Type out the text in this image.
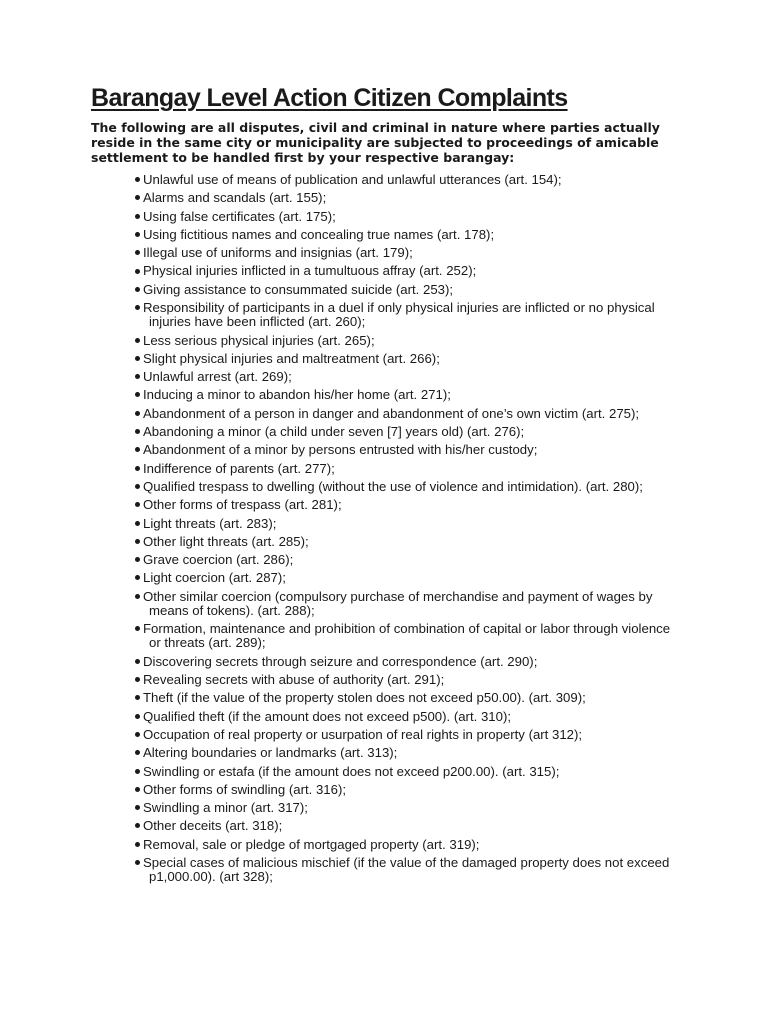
Barangay Level Action Citizen Complaints

The following are all disputes, civil and criminal in nature where parties actually reside in the same city or municipality are subjected to proceedings of amicable settlement to be handled first by your respective barangay:

Unlawful use of means of publication and unlawful utterances (art. 154);
Alarms and scandals (art. 155);
Using false certificates (art. 175);
Using fictitious names and concealing true names (art. 178);
Illegal use of uniforms and insignias (art. 179);
Physical injuries inflicted in a tumultuous affray (art. 252);
Giving assistance to consummated suicide (art. 253);
Responsibility of participants in a duel if only physical injuries are inflicted or no physical injuries have been inflicted (art. 260);
Less serious physical injuries (art. 265);
Slight physical injuries and maltreatment (art. 266);
Unlawful arrest (art. 269);
Inducing a minor to abandon his/her home (art. 271);
Abandonment of a person in danger and abandonment of one’s own victim (art. 275);
Abandoning a minor (a child under seven [7] years old) (art. 276);
Abandonment of a minor by persons entrusted with his/her custody;
Indifference of parents (art. 277);
Qualified trespass to dwelling (without the use of violence and intimidation). (art. 280);
Other forms of trespass (art. 281);
Light threats (art. 283);
Other light threats (art. 285);
Grave coercion (art. 286);
Light coercion (art. 287);
Other similar coercion (compulsory purchase of merchandise and payment of wages by means of tokens). (art. 288);
Formation, maintenance and prohibition of combination of capital or labor through violence or threats (art. 289);
Discovering secrets through seizure and correspondence (art. 290);
Revealing secrets with abuse of authority (art. 291);
Theft (if the value of the property stolen does not exceed p50.00). (art. 309);
Qualified theft (if the amount does not exceed p500). (art. 310);
Occupation of real property or usurpation of real rights in property (art 312);
Altering boundaries or landmarks (art. 313);
Swindling or estafa (if the amount does not exceed p200.00). (art. 315);
Other forms of swindling (art. 316);
Swindling a minor (art. 317);
Other deceits (art. 318);
Removal, sale or pledge of mortgaged property (art. 319);
Special cases of malicious mischief (if the value of the damaged property does not exceed p1,000.00). (art 328);
